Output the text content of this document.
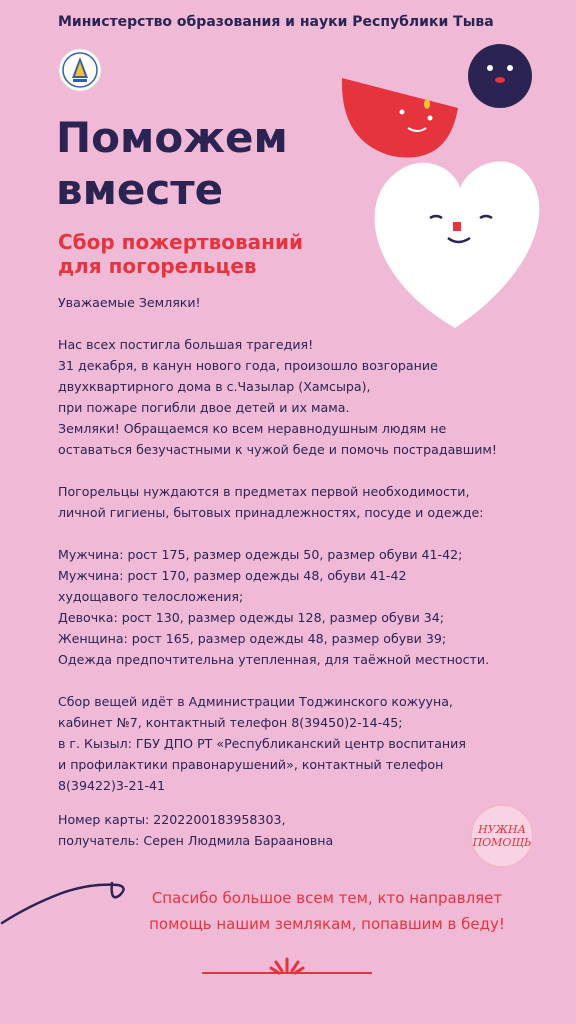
Министерство образования и науки Республики Тыва
Поможем
вместе
Сбор пожертвований
для погорельцев

Уважаемые Земляки!

Нас всех постигла большая трагедия!
31 декабря, в канун нового года, произошло возгорание
двухквартирного дома в с.Чазылар (Хамсыра),
при пожаре погибли двое детей и их мама.
Земляки! Обращаемся ко всем неравнодушным людям не
оставаться безучастными к чужой беде и помочь пострадавшим!

Погорельцы нуждаются в предметах первой необходимости,
личной гигиены, бытовых принадлежностях, посуде и одежде:

Мужчина: рост 175, размер одежды 50, размер обуви 41-42;
Мужчина: рост 170, размер одежды 48, обуви 41-42
худощавого телосложения;
Девочка: рост 130, размер одежды 128, размер обуви 34;
Женщина: рост 165, размер одежды 48, размер обуви 39;
Одежда предпочтительна утепленная, для таёжной местности.

Сбор вещей идёт в Администрации Тоджинского кожууна,
кабинет №7, контактный телефон 8(39450)2-14-45;
в г. Кызыл: ГБУ ДПО РТ «Республиканский центр воспитания
и профилактики правонарушений», контактный телефон
8(39422)3-21-41

Номер карты: 2202200183958303,
получатель: Серен Людмила Бараановна
НУЖНА
ПОМОЩЬ
Спасибо большое всем тем, кто направляет
помощь нашим землякам, попавшим в беду!
